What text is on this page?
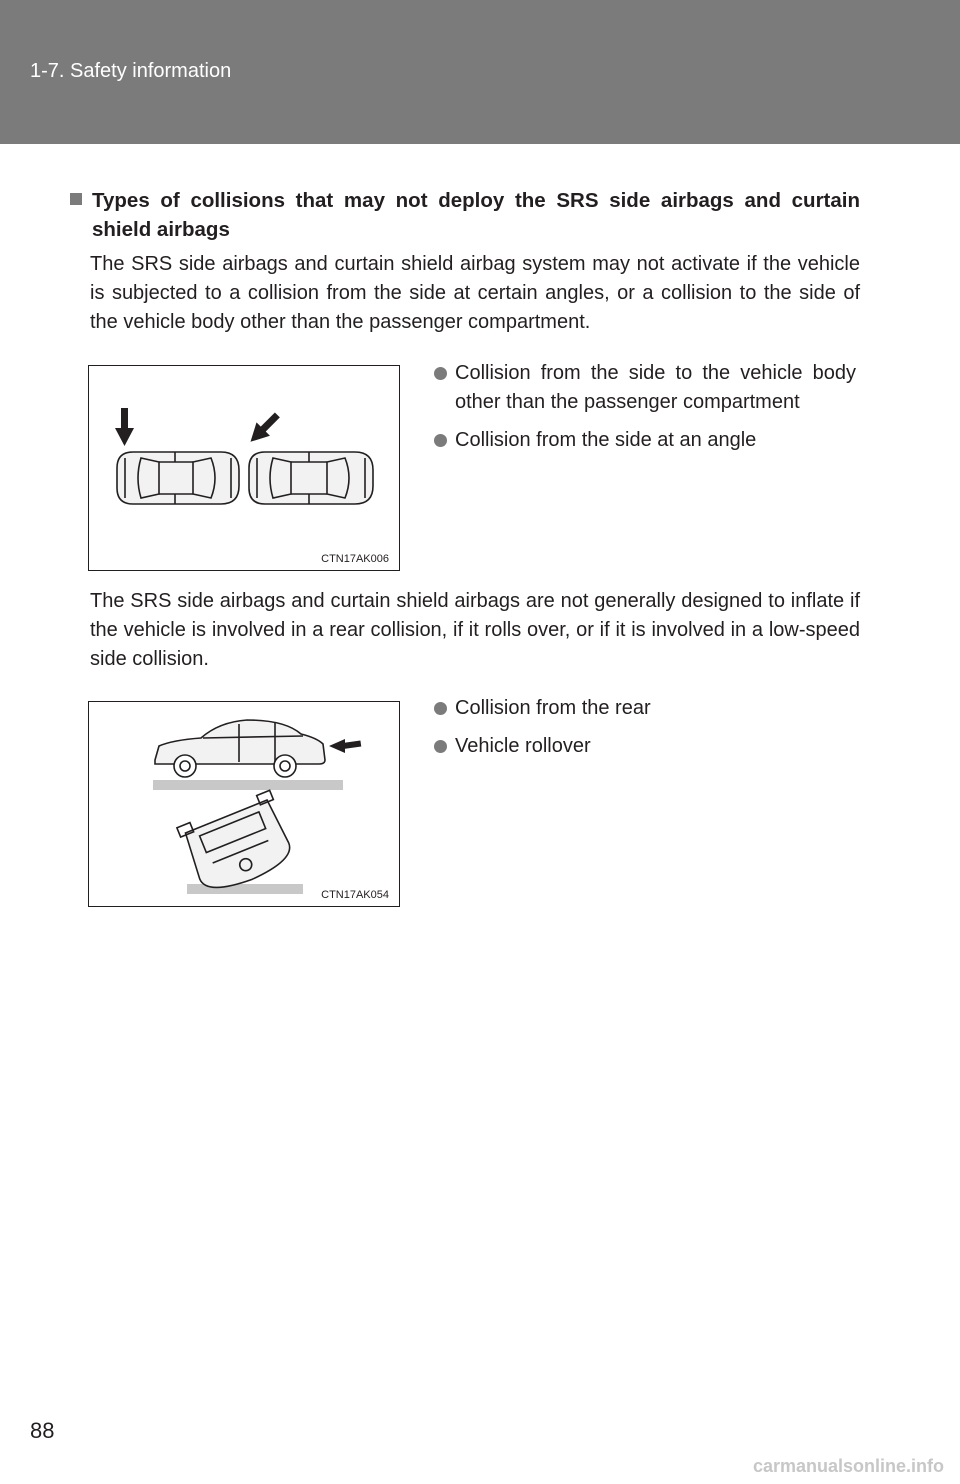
1-7. Safety information
Types of collisions that may not deploy the SRS side airbags and curtain shield airbags

The SRS side airbags and curtain shield airbag system may not activate if the vehicle is subjected to a collision from the side at certain angles, or a collision to the side of the vehicle body other than the passenger compartment.

CTN17AK006
Collision from the side to the vehicle body other than the passenger compartment
Collision from the side at an angle

The SRS side airbags and curtain shield airbags are not generally designed to inflate if the vehicle is involved in a rear collision, if it rolls over, or if it is involved in a low-speed side collision.

CTN17AK054
Collision from the rear
Vehicle rollover
88
carmanualsonline.info
